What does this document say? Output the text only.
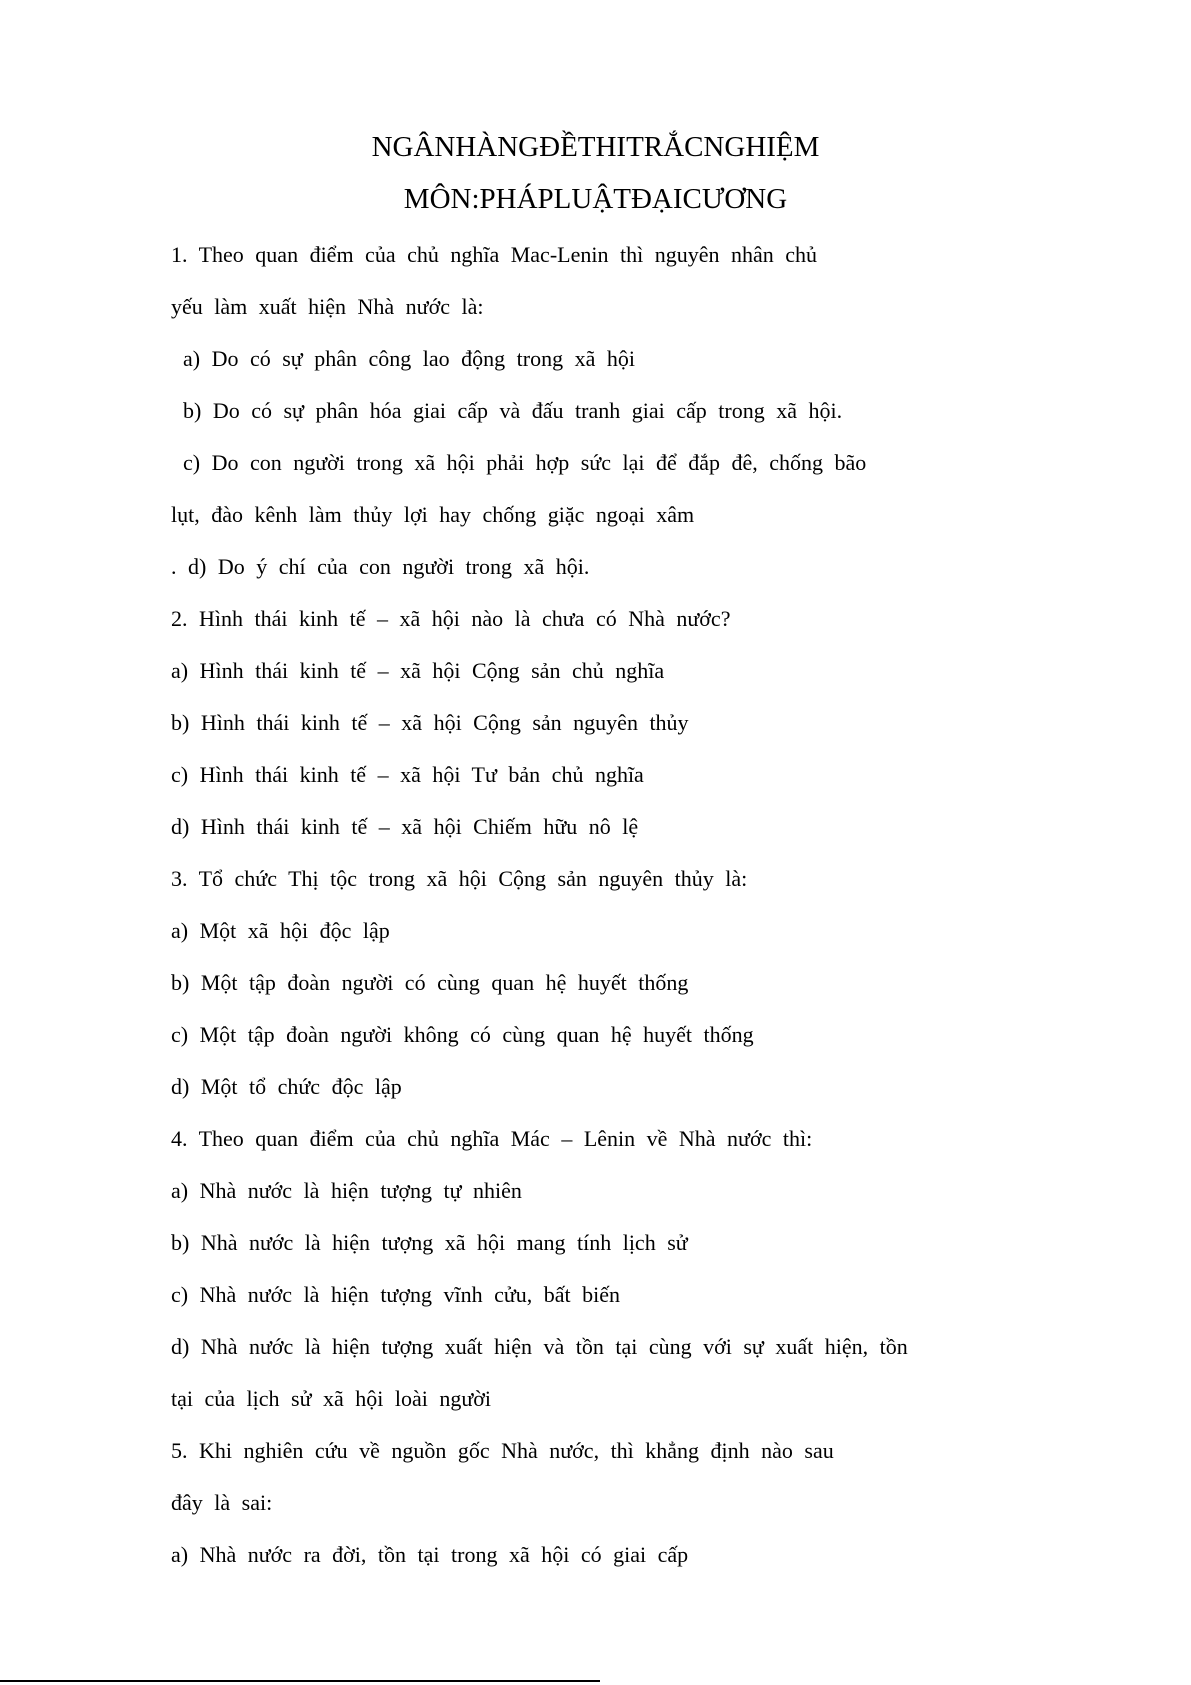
NGÂNHÀNGĐỀTHITRẮCNGHIỆM
MÔN:PHÁPLUẬTĐẠICƯƠNG
1. Theo quan điểm của chủ nghĩa Mac-Lenin thì nguyên nhân chủ
yếu làm xuất hiện Nhà nước là:
a) Do có sự phân công lao động trong xã hội
b) Do có sự phân hóa giai cấp và đấu tranh giai cấp trong xã hội.
c) Do con người trong xã hội phải hợp sức lại để đắp đê, chống bão
lụt, đào kênh làm thủy lợi hay chống giặc ngoại xâm
. d) Do ý chí của con người trong xã hội.
2. Hình thái kinh tế – xã hội nào là chưa có Nhà nước?
a) Hình thái kinh tế – xã hội Cộng sản chủ nghĩa
b) Hình thái kinh tế – xã hội Cộng sản nguyên thủy
c) Hình thái kinh tế – xã hội Tư bản chủ nghĩa
d) Hình thái kinh tế – xã hội Chiếm hữu nô lệ
3. Tổ chức Thị tộc trong xã hội Cộng sản nguyên thủy là:
a) Một xã hội độc lập
b) Một tập đoàn người có cùng quan hệ huyết thống
c) Một tập đoàn người không có cùng quan hệ huyết thống
d) Một tổ chức độc lập
4. Theo quan điểm của chủ nghĩa Mác – Lênin về Nhà nước thì:
a) Nhà nước là hiện tượng tự nhiên
b) Nhà nước là hiện tượng xã hội mang tính lịch sử
c) Nhà nước là hiện tượng vĩnh cửu, bất biến
d) Nhà nước là hiện tượng xuất hiện và tồn tại cùng với sự xuất hiện, tồn
tại của lịch sử xã hội loài người
5. Khi nghiên cứu về nguồn gốc Nhà nước, thì khẳng định nào sau
đây là sai:
a) Nhà nước ra đời, tồn tại trong xã hội có giai cấp
